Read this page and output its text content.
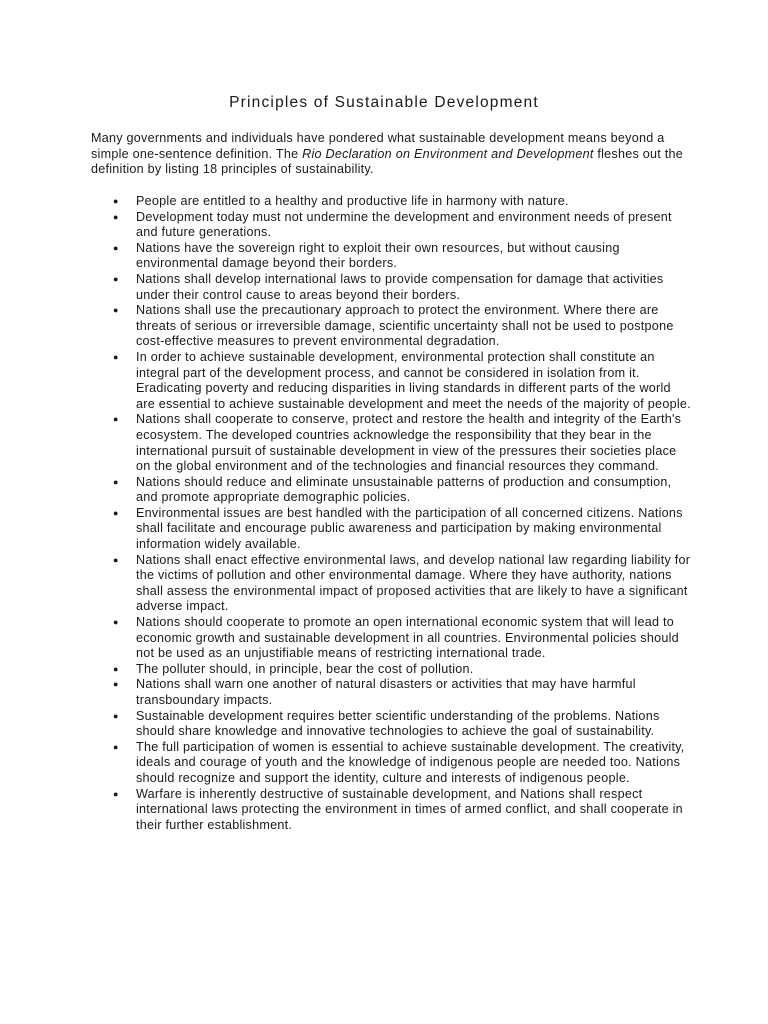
Principles of Sustainable Development

Many governments and individuals have pondered what sustainable development means beyond a simple one-sentence definition. The Rio Declaration on Environment and Development fleshes out the definition by listing 18 principles of sustainability.

● People are entitled to a healthy and productive life in harmony with nature.
● Development today must not undermine the development and environment needs of present and future generations.
● Nations have the sovereign right to exploit their own resources, but without causing environmental damage beyond their borders.
● Nations shall develop international laws to provide compensation for damage that activities under their control cause to areas beyond their borders.
● Nations shall use the precautionary approach to protect the environment. Where there are threats of serious or irreversible damage, scientific uncertainty shall not be used to postpone cost-effective measures to prevent environmental degradation.
● In order to achieve sustainable development, environmental protection shall constitute an integral part of the development process, and cannot be considered in isolation from it. Eradicating poverty and reducing disparities in living standards in different parts of the world are essential to achieve sustainable development and meet the needs of the majority of people.
● Nations shall cooperate to conserve, protect and restore the health and integrity of the Earth's ecosystem. The developed countries acknowledge the responsibility that they bear in the international pursuit of sustainable development in view of the pressures their societies place on the global environment and of the technologies and financial resources they command.
● Nations should reduce and eliminate unsustainable patterns of production and consumption, and promote appropriate demographic policies.
● Environmental issues are best handled with the participation of all concerned citizens. Nations shall facilitate and encourage public awareness and participation by making environmental information widely available.
● Nations shall enact effective environmental laws, and develop national law regarding liability for the victims of pollution and other environmental damage. Where they have authority, nations shall assess the environmental impact of proposed activities that are likely to have a significant adverse impact.
● Nations should cooperate to promote an open international economic system that will lead to economic growth and sustainable development in all countries. Environmental policies should not be used as an unjustifiable means of restricting international trade.
● The polluter should, in principle, bear the cost of pollution.
● Nations shall warn one another of natural disasters or activities that may have harmful transboundary impacts.
● Sustainable development requires better scientific understanding of the problems. Nations should share knowledge and innovative technologies to achieve the goal of sustainability.
● The full participation of women is essential to achieve sustainable development. The creativity, ideals and courage of youth and the knowledge of indigenous people are needed too. Nations should recognize and support the identity, culture and interests of indigenous people.
● Warfare is inherently destructive of sustainable development, and Nations shall respect international laws protecting the environment in times of armed conflict, and shall cooperate in their further establishment.
